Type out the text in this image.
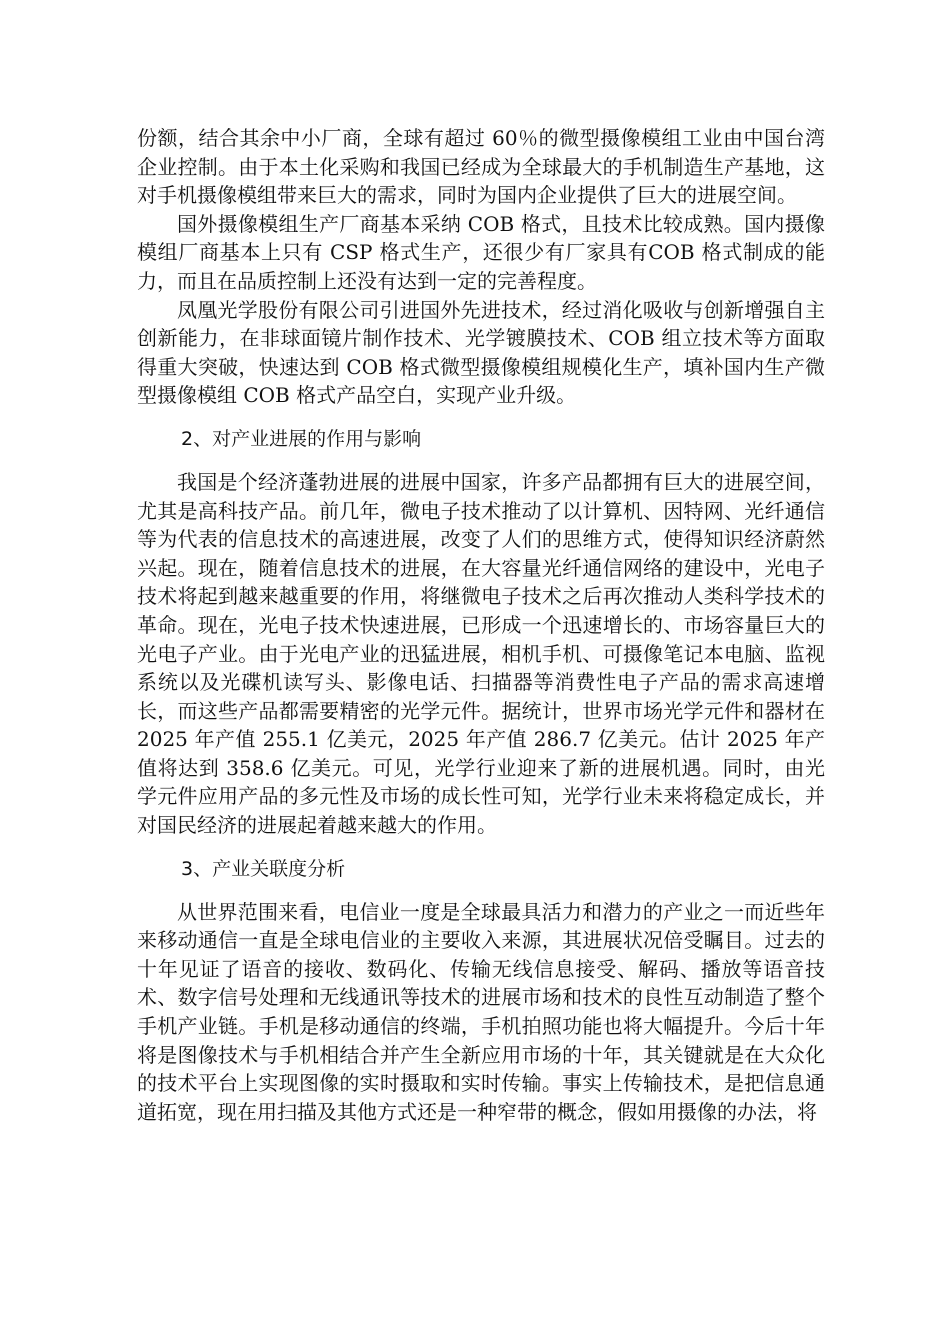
份额，结合其余中小厂商，全球有超过 60％的微型摄像模组工业由中国台湾企业控制。由于本土化采购和我国已经成为全球最大的手机制造生产基地，这对手机摄像模组带来巨大的需求，同时为国内企业提供了巨大的进展空间。

国外摄像模组生产厂商基本采纳 COB 格式，且技术比较成熟。国内摄像模组厂商基本上只有 CSP 格式生产，还很少有厂家具有COB 格式制成的能力，而且在品质控制上还没有达到一定的完善程度。

凤凰光学股份有限公司引进国外先进技术，经过消化吸收与创新增强自主创新能力，在非球面镜片制作技术、光学镀膜技术、COB 组立技术等方面取得重大突破，快速达到 COB 格式微型摄像模组规模化生产，填补国内生产微型摄像模组 COB 格式产品空白，实现产业升级。

2、对产业进展的作用与影响

我国是个经济蓬勃进展的进展中国家，许多产品都拥有巨大的进展空间，尤其是高科技产品。前几年，微电子技术推动了以计算机、因特网、光纤通信等为代表的信息技术的高速进展，改变了人们的思维方式，使得知识经济蔚然兴起。现在，随着信息技术的进展，在大容量光纤通信网络的建设中，光电子技术将起到越来越重要的作用，将继微电子技术之后再次推动人类科学技术的革命。现在，光电子技术快速进展，已形成一个迅速增长的、市场容量巨大的光电子产业。由于光电产业的迅猛进展，相机手机、可摄像笔记本电脑、监视系统以及光碟机读写头、影像电话、扫描器等消费性电子产品的需求高速增长，而这些产品都需要精密的光学元件。据统计，世界市场光学元件和器材在 2025 年产值 255.1 亿美元，2025 年产值 286.7 亿美元。估计 2025 年产值将达到 358.6 亿美元。可见，光学行业迎来了新的进展机遇。同时，由光学元件应用产品的多元性及市场的成长性可知，光学行业未来将稳定成长，并对国民经济的进展起着越来越大的作用。

3、产业关联度分析

从世界范围来看，电信业一度是全球最具活力和潜力的产业之一而近些年来移动通信一直是全球电信业的主要收入来源，其进展状况倍受瞩目。过去的十年见证了语音的接收、数码化、传输无线信息接受、解码、播放等语音技术、数字信号处理和无线通讯等技术的进展市场和技术的良性互动制造了整个手机产业链。手机是移动通信的终端，手机拍照功能也将大幅提升。今后十年将是图像技术与手机相结合并产生全新应用市场的十年，其关键就是在大众化的技术平台上实现图像的实时摄取和实时传输。事实上传输技术，是把信息通道拓宽，现在用扫描及其他方式还是一种窄带的概念，假如用摄像的办法，将
